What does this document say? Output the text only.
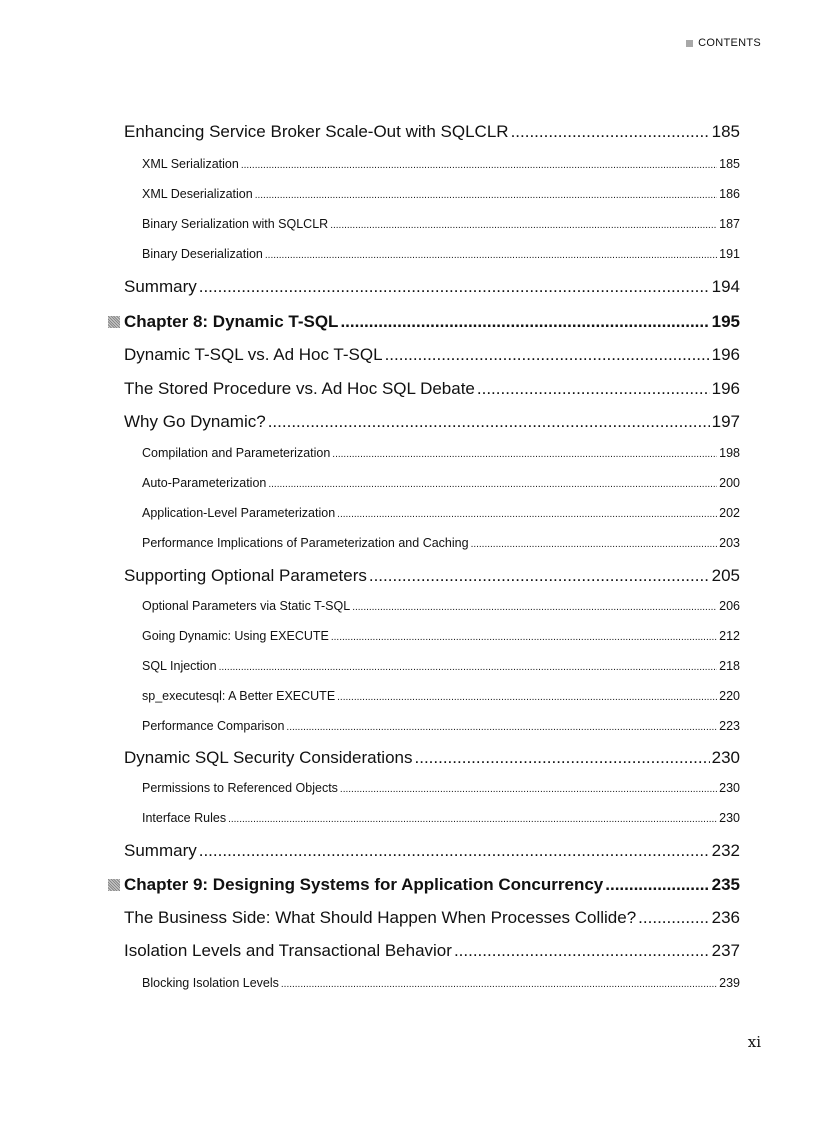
CONTENTS
Enhancing Service Broker Scale-Out with SQLCLR .....	185
XML Serialization .....	185
XML Deserialization .....	186
Binary Serialization with SQLCLR .....	187
Binary Deserialization .....	191
Summary .....	194
Chapter 8: Dynamic T-SQL .....	195
Dynamic T-SQL vs. Ad Hoc T-SQL .....	196
The Stored Procedure vs. Ad Hoc SQL Debate .....	196
Why Go Dynamic? .....	197
Compilation and Parameterization .....	198
Auto-Parameterization .....	200
Application-Level Parameterization .....	202
Performance Implications of Parameterization and Caching .....	203
Supporting Optional Parameters .....	205
Optional Parameters via Static T-SQL .....	206
Going Dynamic: Using EXECUTE .....	212
SQL Injection .....	218
sp_executesql: A Better EXECUTE .....	220
Performance Comparison .....	223
Dynamic SQL Security Considerations .....	230
Permissions to Referenced Objects .....	230
Interface Rules .....	230
Summary .....	232
Chapter 9: Designing Systems for Application Concurrency .....	235
The Business Side: What Should Happen When Processes Collide? .....	236
Isolation Levels and Transactional Behavior .....	237
Blocking Isolation Levels .....	239
xi
